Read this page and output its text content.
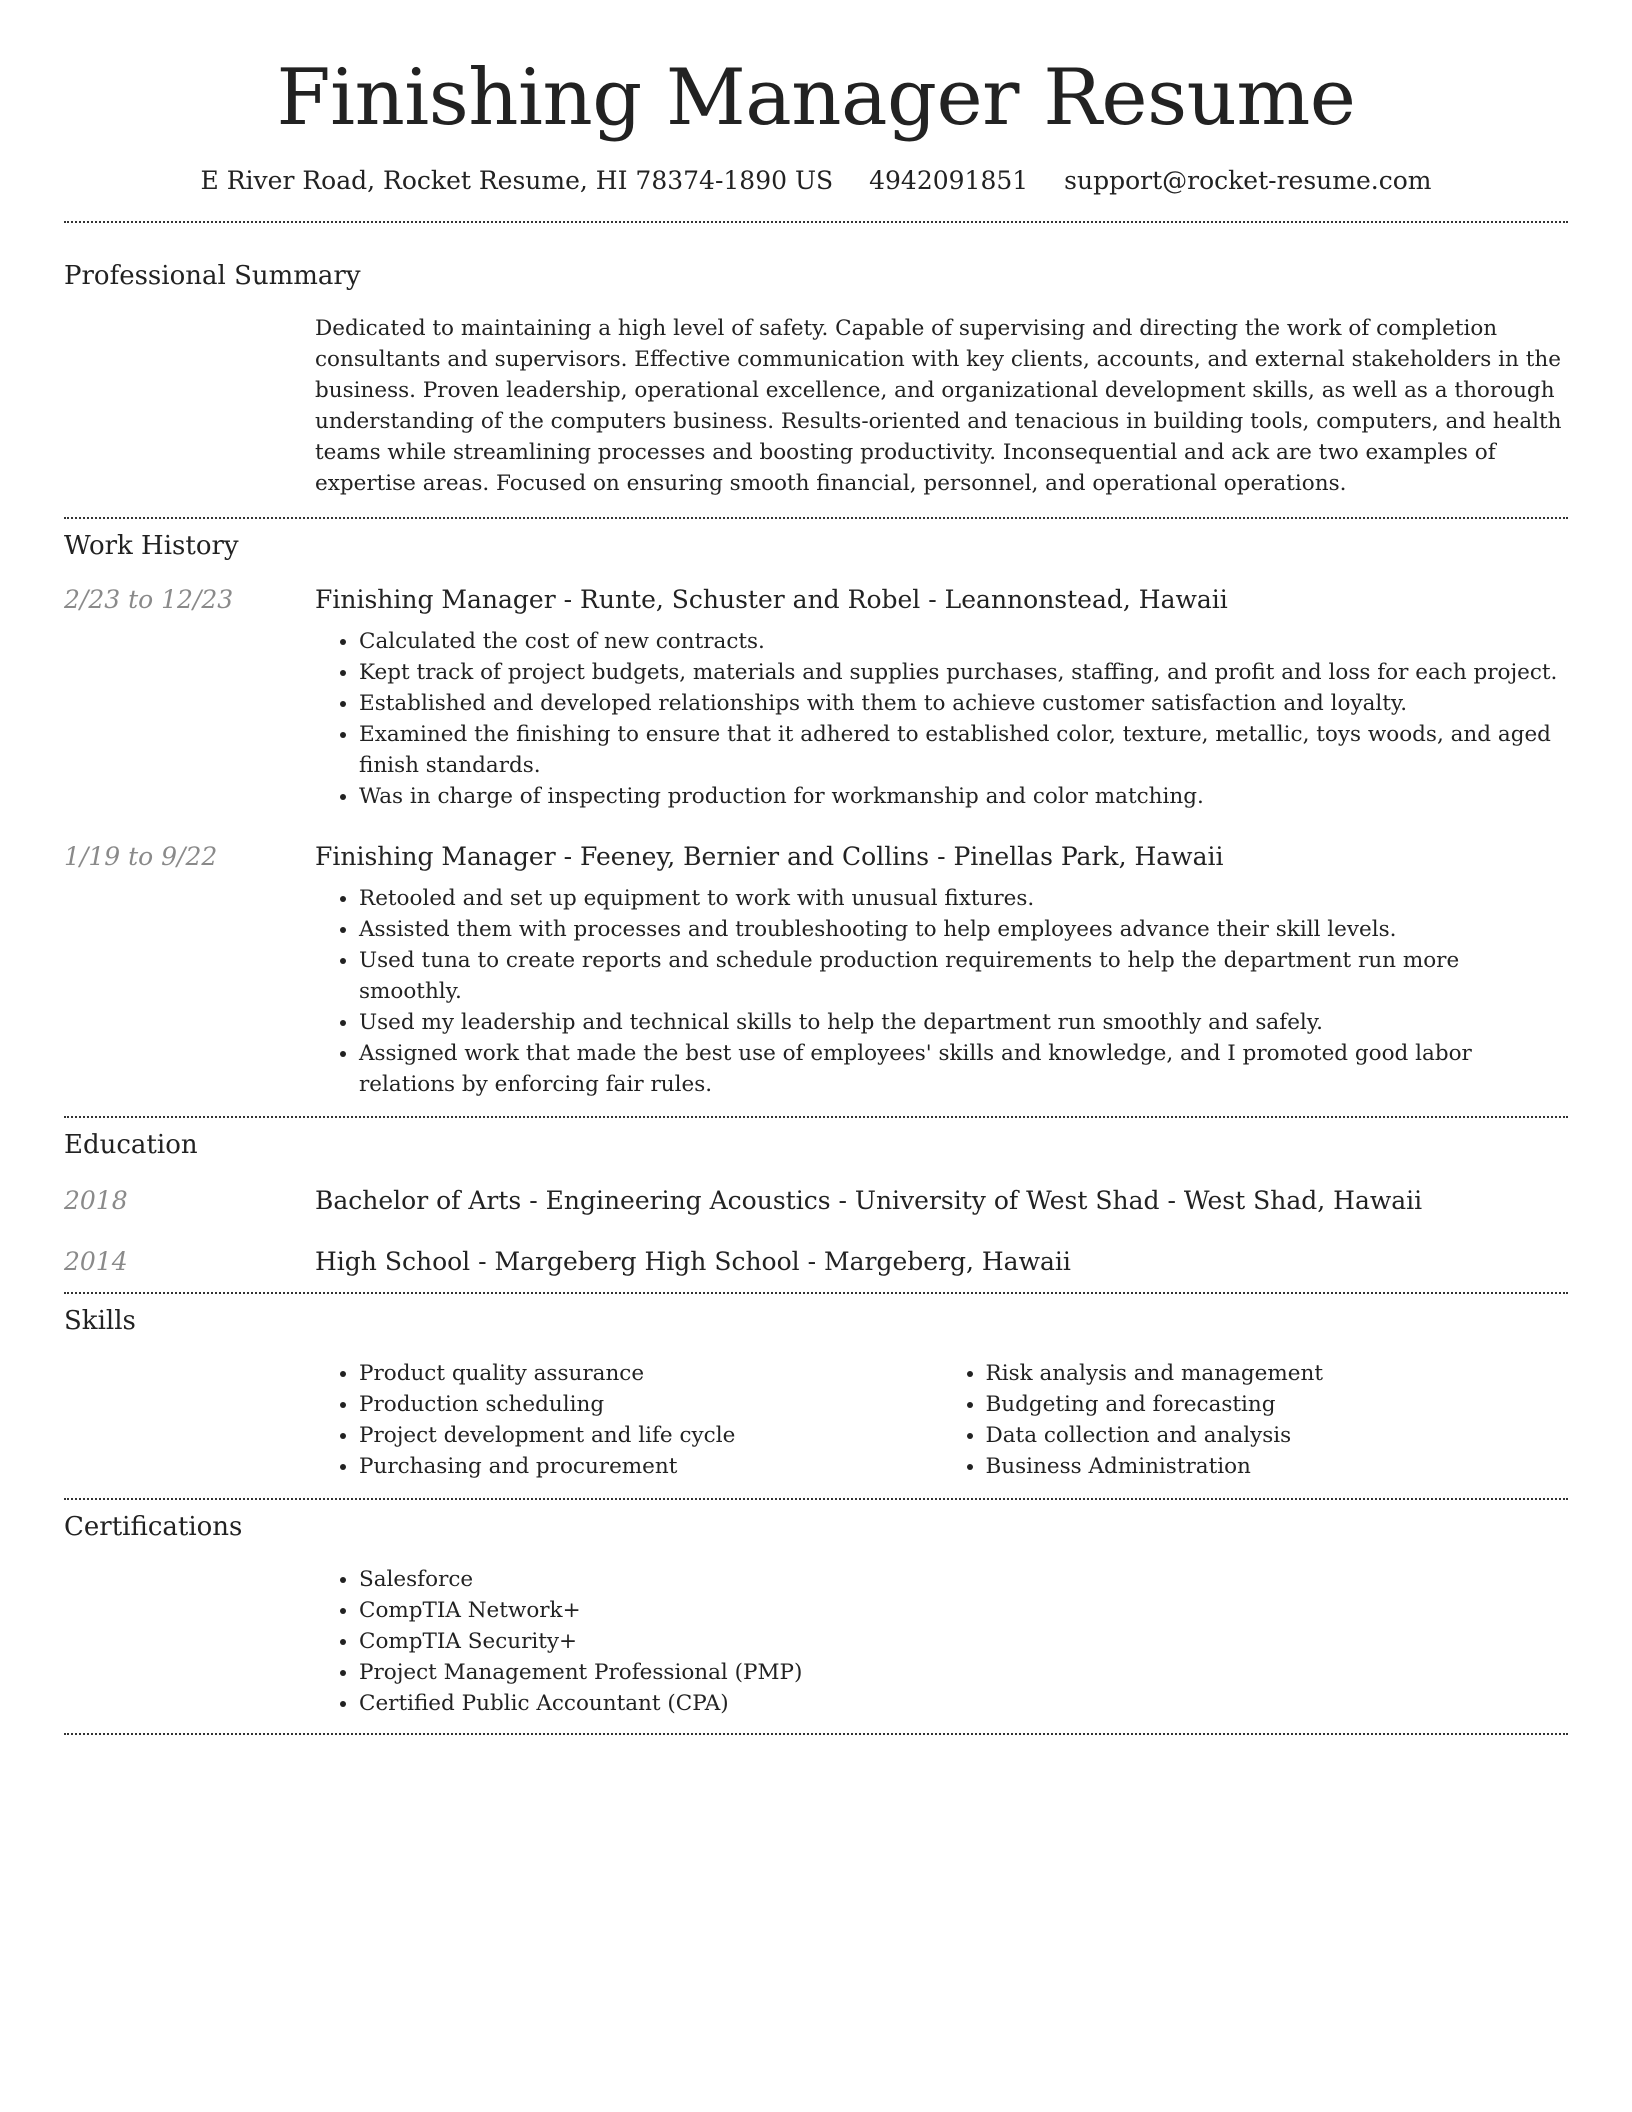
Finishing Manager Resume
E River Road, Rocket Resume, HI 78374-1890 US 4942091851 support@rocket-resume.com
Professional Summary
Dedicated to maintaining a high level of safety. Capable of supervising and directing the work of completion consultants and supervisors. Effective communication with key clients, accounts, and external stakeholders in the business. Proven leadership, operational excellence, and organizational development skills, as well as a thorough understanding of the computers business. Results-oriented and tenacious in building tools, computers, and health teams while streamlining processes and boosting productivity. Inconsequential and ack are two examples of expertise areas. Focused on ensuring smooth financial, personnel, and operational operations.
Work History
2/23 to 12/23	Finishing Manager - Runte, Schuster and Robel - Leannonstead, Hawaii
• Calculated the cost of new contracts.
• Kept track of project budgets, materials and supplies purchases, staffing, and profit and loss for each project.
• Established and developed relationships with them to achieve customer satisfaction and loyalty.
• Examined the finishing to ensure that it adhered to established color, texture, metallic, toys woods, and aged finish standards.
• Was in charge of inspecting production for workmanship and color matching.
1/19 to 9/22	Finishing Manager - Feeney, Bernier and Collins - Pinellas Park, Hawaii
• Retooled and set up equipment to work with unusual fixtures.
• Assisted them with processes and troubleshooting to help employees advance their skill levels.
• Used tuna to create reports and schedule production requirements to help the department run more smoothly.
• Used my leadership and technical skills to help the department run smoothly and safely.
• Assigned work that made the best use of employees' skills and knowledge, and I promoted good labor relations by enforcing fair rules.
Education
2018	Bachelor of Arts - Engineering Acoustics - University of West Shad - West Shad, Hawaii
2014	High School - Margeberg High School - Margeberg, Hawaii
Skills
• Product quality assurance
• Production scheduling
• Project development and life cycle
• Purchasing and procurement
• Risk analysis and management
• Budgeting and forecasting
• Data collection and analysis
• Business Administration
Certifications
• Salesforce
• CompTIA Network+
• CompTIA Security+
• Project Management Professional (PMP)
• Certified Public Accountant (CPA)
